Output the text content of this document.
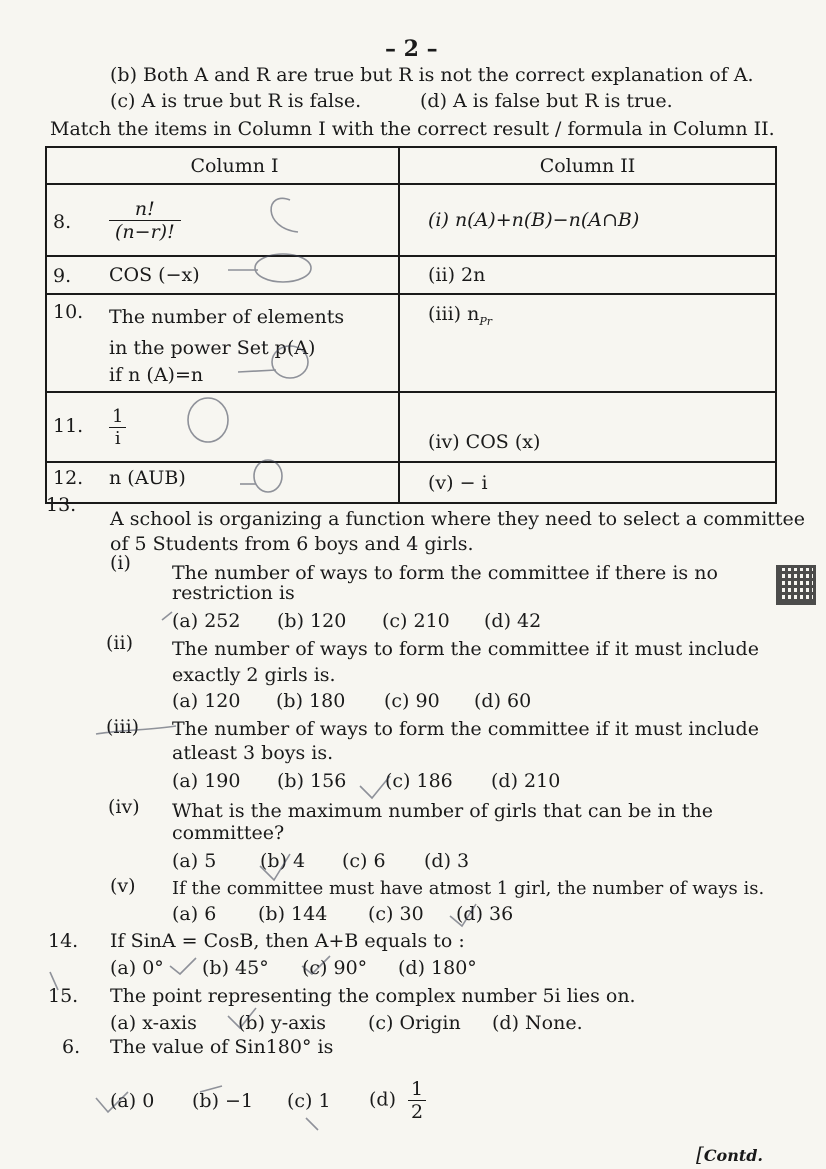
– 2 –
(b) Both A and R are true but R is not the correct explanation of A.
(c) A is true but R is false.	(d) A is false but R is true.
Match the items in Column I with the correct result / formula in Column II.
Column I	Column II

8. $\frac{n!}{(n-r)!}$	(i) n(A)+n(B)−n(A∩B)

9. COS (−x)	(ii) 2n

10. The number of elements
in the power Set p(A)
if n (A)=n	(iii) $n_{Pr}$

11. $\frac{1}{i}$	(iv) COS (x)

12. n (AUB)	(v) − i
13.
A school is organizing a function where they need to select a committee
of 5 Students from 6 boys and 4 girls.
(i) The number of ways to form the committee if there is no
restriction is
(a) 252 (b) 120 (c) 210 (d) 42
(ii) The number of ways to form the committee if it must include
exactly 2 girls is.
(a) 120 (b) 180 (c) 90 (d) 60
(iii) The number of ways to form the committee if it must include
atleast 3 boys is.
(a) 190 (b) 156 (c) 186 (d) 210
(iv) What is the maximum number of girls that can be in the
committee?
(a) 5 (b) 4 (c) 6 (d) 3
(v) If the committee must have atmost 1 girl, the number of ways is.
(a) 6 (b) 144 (c) 30 (d) 36
14. If SinA = CosB, then A+B equals to :
(a) 0° (b) 45° (c) 90° (d) 180°
15. The point representing the complex number 5i lies on.
(a) x-axis (b) y-axis (c) Origin (d) None.
6. The value of Sin180° is
(a) 0	(b) −1	(c) 1	$(d) \frac{1}{2}$
[Contd.
